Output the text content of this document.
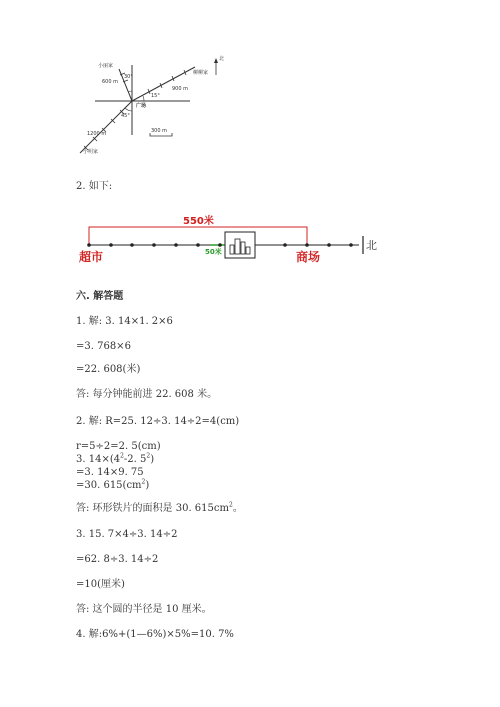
小丽家
北
600 m
30°
柳柳家
900 m
15°
广场
45°
1200 m	300 m
小明家
2. 如下:
550米
50米
超市	商场
北
六. 解答题
1. 解: 3. 14×1. 2×6
=3. 768×6
=22. 608(米)
答: 每分钟能前进 22. 608 米。
2. 解: R=25. 12÷3. 14÷2=4(cm)
r=5÷2=2. 5(cm)
3. $14\times(4^2-2$. $5^2$)
=3. 14×9. 75
=30. $615(cm^2)$
答: 环形铁片的面积是 30. $615cm^2$。
3. 15. 7×4÷3. 14÷2
=62. 8÷3. 14÷2
=10(厘米)
答: 这个圆的半径是 10 厘米。
4. 解:6%+(1—6%)×5%=10. 7%
